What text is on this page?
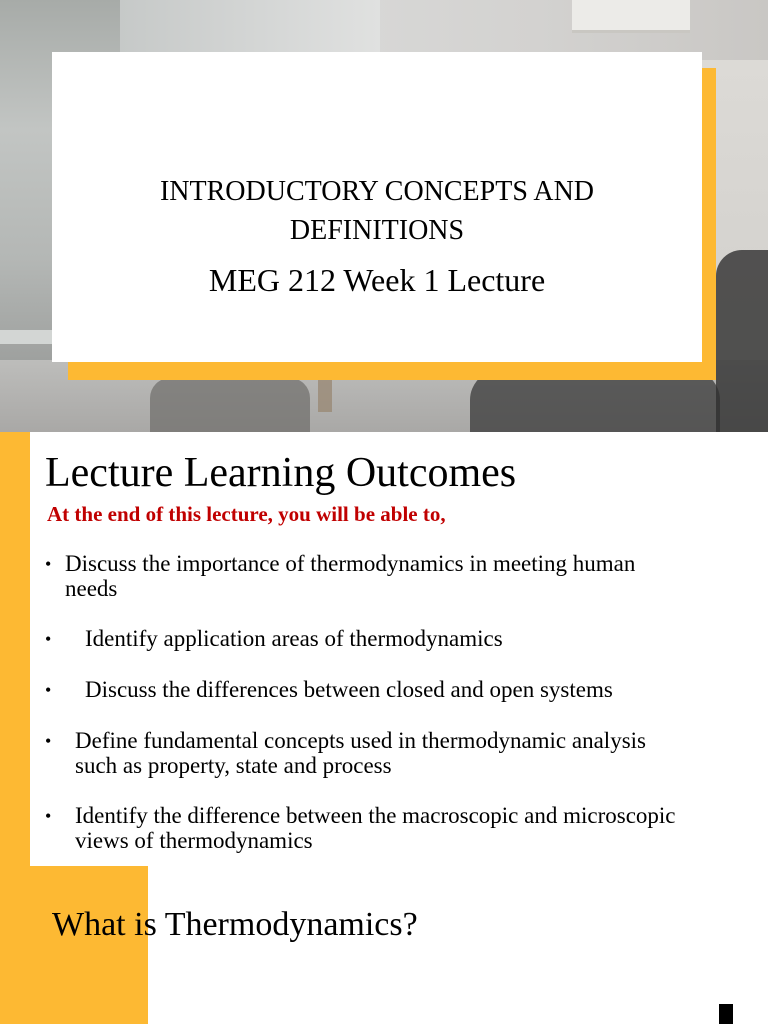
INTRODUCTORY CONCEPTS AND
DEFINITIONS
MEG 212 Week 1 Lecture
Lecture Learning Outcomes
At the end of this lecture, you will be able to,
• Discuss the importance of thermodynamics in meeting human
needs
• Identify application areas of thermodynamics
• Discuss the differences between closed and open systems
• Define fundamental concepts used in thermodynamic analysis
such as property, state and process
• Identify the difference between the macroscopic and microscopic
views of thermodynamics
What is Thermodynamics?
